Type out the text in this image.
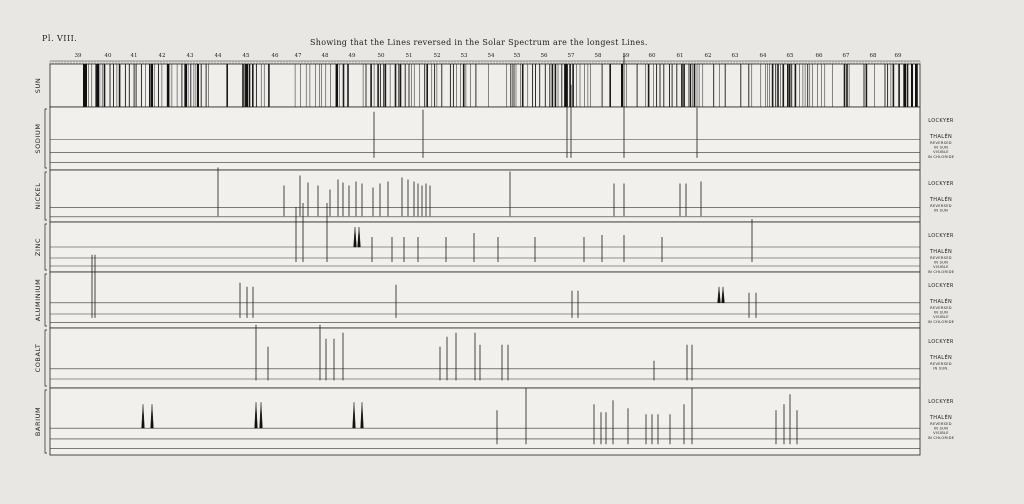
Pl. VIII.	Showing that the Lines reversed in the Solar Spectrum are the longest Lines.
39	40	41	42	43	44	45	46	47	48	49	50	51	52	53	54	55	56	57	58	59	60	61	62	63	64	65	66	67	68	69
SUN
SODIUM
LOCKYER
THALÉN
REVERSED
IN SUN
VISIBLE
IN CHLORIDE
NICKEL	LOCKYER
THALÉN
REVERSED
IN SUN
ZINC
LOCKYER
THALÉN
REVERSED
IN SUN
VISIBLE
IN CHLORIDE
ALUMINIUM	LOCKYER
THALÉN
REVERSED
IN SUN
VISIBLE
IN CHLORIDE
COBALT
LOCKYER
THALÉN
REVERSED
IN SUN.
BARIUM
LOCKYER
THALÉN
REVERSED
IN SUN
VISIBLE
IN CHLORIDE
